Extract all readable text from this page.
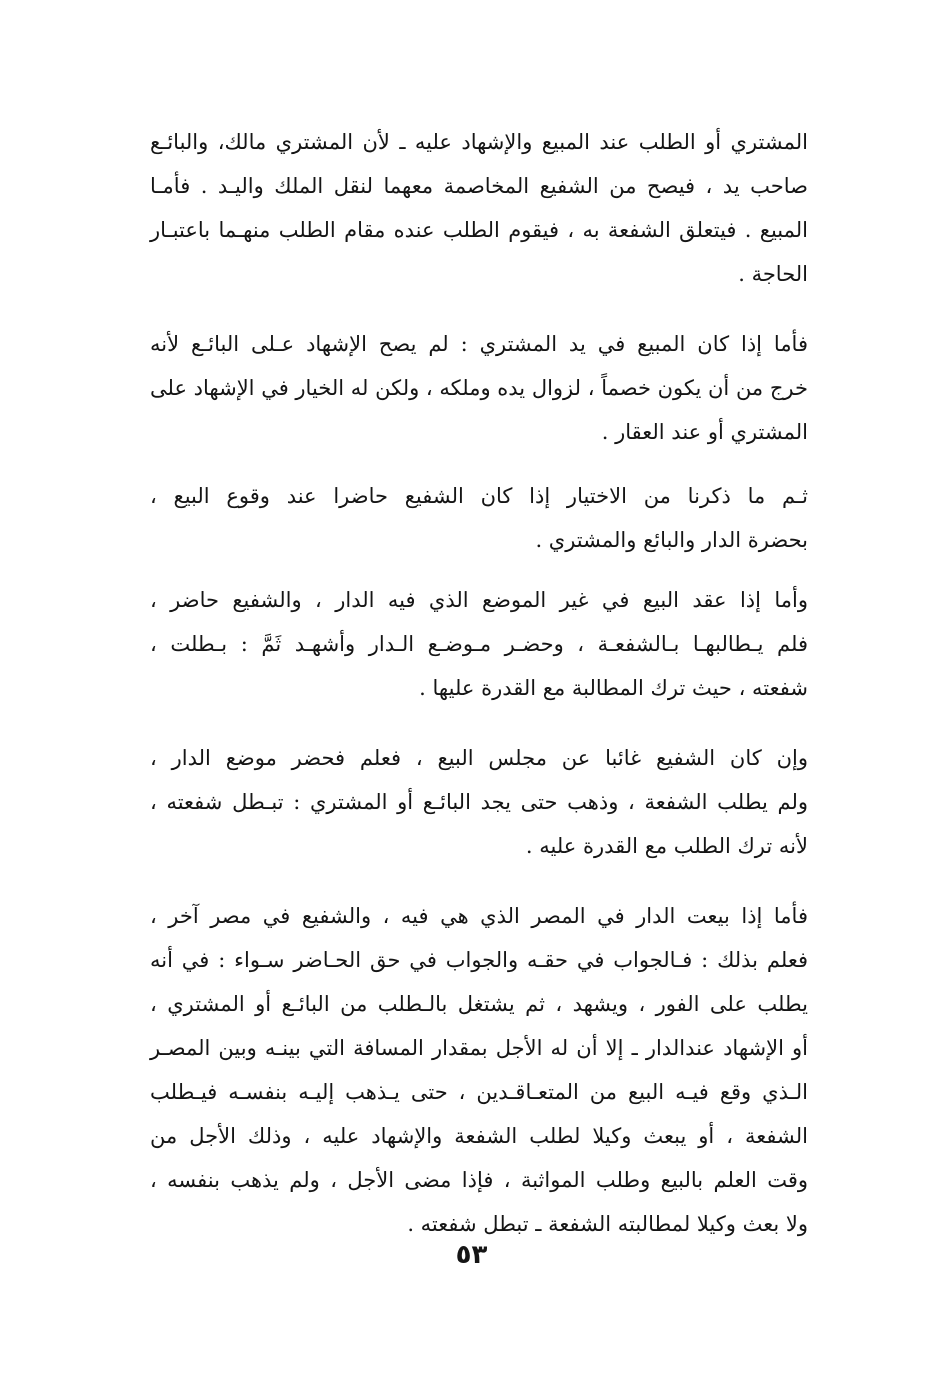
المشتري أو الطلب عند المبيع والإشهاد عليه ـ لأن المشتري مالك، والبائـع
صاحب يد ، فيصح من الشفيع المخاصمة معهما لنقل الملك واليـد . فأمـا
المبيع . فيتعلق الشفعة به ، فيقوم الطلب عنده مقام الطلب منهـما باعتبـار
الحاجة .

فأما إذا كان المبيع في يد المشتري : لم يصح الإشهاد عـلى البائـع لأنه
خرج من أن يكون خصماً ، لزوال يده وملكه ، ولكن له الخيار في الإشهاد على
المشتري أو عند العقار .

ثـم ما ذكرنا من الاختيار إذا كان الشفيع حاضرا عند وقوع البيع ،
بحضرة الدار والبائع والمشتري .

وأما إذا عقد البيع في غير الموضع الذي فيه الدار ، والشفيع حاضر ،
فلم يـطالبهـا بـالشفعـة ، وحضـر مـوضـع الـدار وأشهـد ثَمَّ : بـطلت ،
شفعته ، حيث ترك المطالبة مع القدرة عليها .

وإن كان الشفيع غائبا عن مجلس البيع ، فعلم فحضر موضع الدار ،
ولم يطلب الشفعة ، وذهب حتى يجد البائـع أو المشتري : تبـطل شفعته ،
لأنه ترك الطلب مع القدرة عليه .

فأما إذا بيعت الدار في المصر الذي هي فيه ، والشفيع في مصر آخر ،
فعلم بذلك : فـالجواب في حقـه والجواب في حق الحـاضر سـواء : في أنه
يطلب على الفور ، ويشهد ، ثم يشتغل بالـطلب من البائـع أو المشتري ،
أو الإشهاد عندالدار ـ إلا أن له الأجل بمقدار المسافة التي بينـه وبين المصـر
الـذي وقع فيـه البيع من المتعـاقـدين ، حتى يـذهب إليـه بنفسـه فيـطلب
الشفعة ، أو يبعث وكيلا لطلب الشفعة والإشهاد عليه ، وذلك الأجل من
وقت العلم بالبيع وطلب المواثبة ، فإذا مضى الأجل ، ولم يذهب بنفسه ،
ولا بعث وكيلا لمطالبته الشفعة ـ تبطل شفعته .

٥٣
